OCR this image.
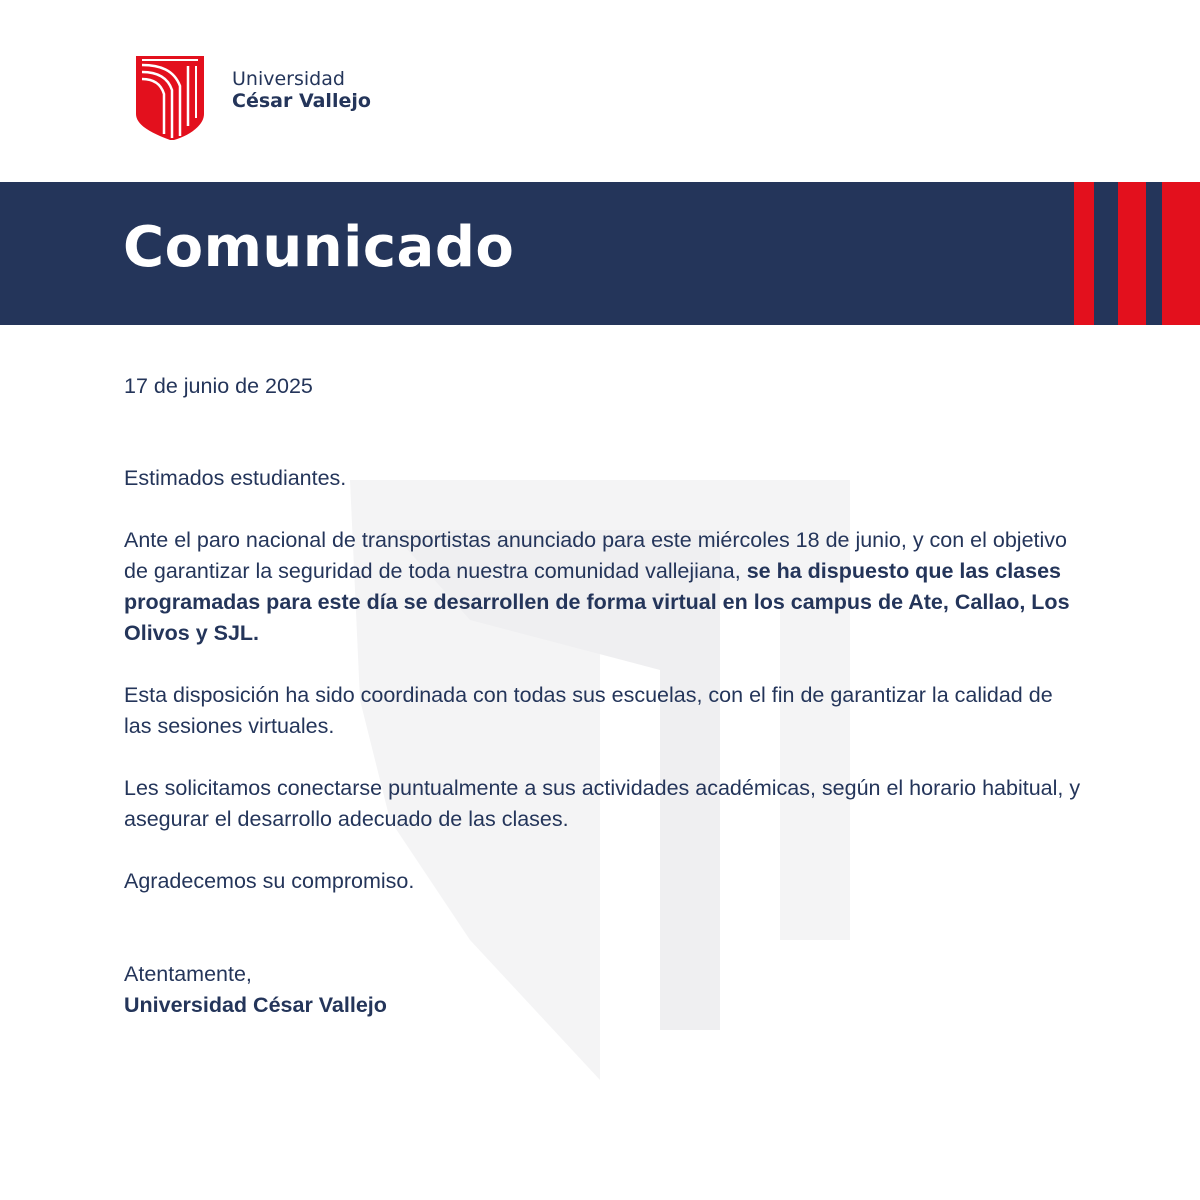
Universidad
César Vallejo
Comunicado

17 de junio de 2025

Estimados estudiantes.

Ante el paro nacional de transportistas anunciado para este miércoles 18 de junio, y con el objetivo de garantizar la seguridad de toda nuestra comunidad vallejiana, se ha dispuesto que las clases programadas para este día se desarrollen de forma virtual en los campus de Ate, Callao, Los Olivos y SJL.

Esta disposición ha sido coordinada con todas sus escuelas, con el fin de garantizar la calidad de las sesiones virtuales.

Les solicitamos conectarse puntualmente a sus actividades académicas, según el horario habitual, y asegurar el desarrollo adecuado de las clases.

Agradecemos su compromiso.

Atentamente,

Universidad César Vallejo
